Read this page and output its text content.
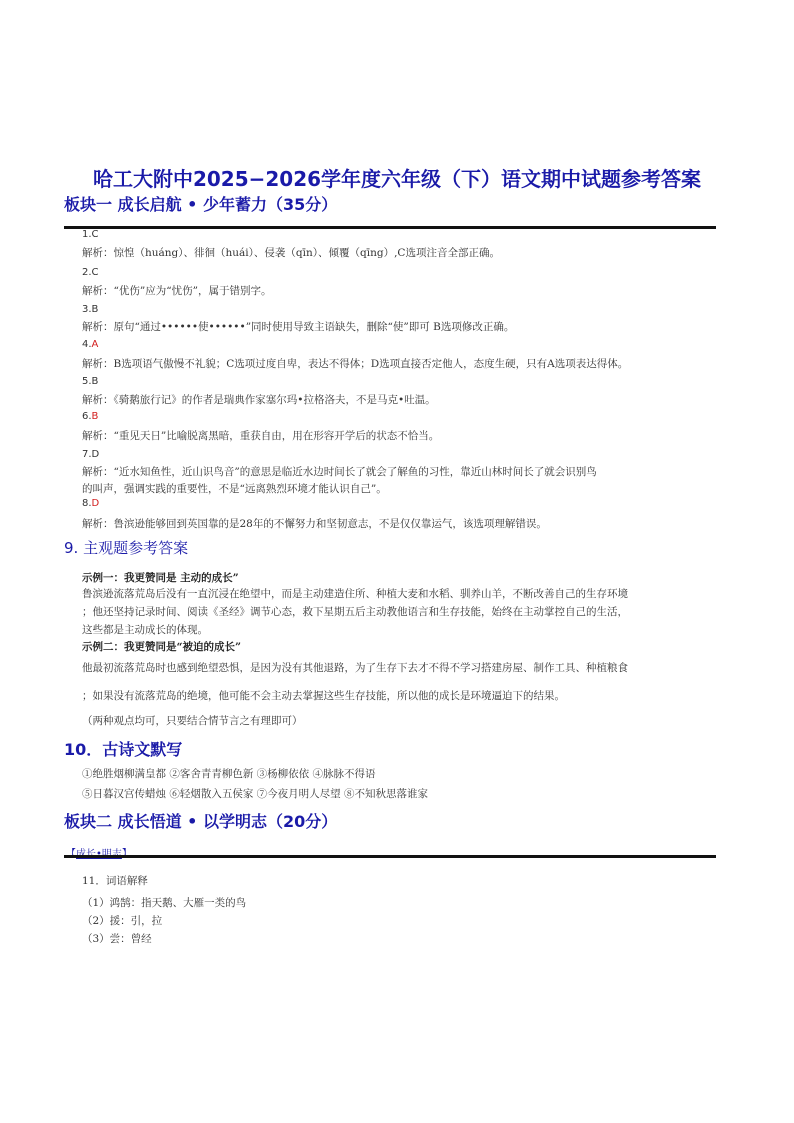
哈工大附中2025−2026学年度六年级（下）语文期中试题参考答案
板块一 成长启航 • 少年蓄力（35分）
1.C
解析：惊惶（huáng）、徘徊（huái）、侵袭（qīn）、倾覆（qīng）,C选项注音全部正确。
2.C
解析：“优伤”应为“忧伤”，属于错别字。
3.B
解析：原句“通过••••••使••••••”同时使用导致主语缺失，删除“使”即可 B选项修改正确。
4.A
解析：B选项语气傲慢不礼貌；C选项过度自卑，表达不得体；D选项直接否定他人，态度生硬，只有A选项表达得体。
5.B
解析：《骑鹅旅行记》的作者是瑞典作家塞尔玛•拉格洛夫，不是马克•吐温。
6.B
解析：“重见天日”比喻脱离黑暗，重获自由，用在形容开学后的状态不恰当。
7.D
解析：“近水知鱼性，近山识鸟音”的意思是临近水边时间长了就会了解鱼的习性，靠近山林时间长了就会识别鸟
的叫声，强调实践的重要性，不是“远离熟烈环境才能认识自己”。
8.D
解析：鲁滨逊能够回到英国靠的是28年的不懈努力和坚韧意志，不是仅仅靠运气，该选项理解错误。
9. 主观题参考答案
示例一：我更赞同是 主动的成长”
鲁滨逊流落荒岛后没有一直沉浸在绝望中，而是主动建造住所、种植大麦和水稻、驯养山羊，不断改善自己的生存环境
；他还坚持记录时间、阅读《圣经》调节心态，救下星期五后主动教他语言和生存技能，始终在主动掌控自己的生活，
这些都是主动成长的体现。
示例二：我更赞同是“被迫的成长”
他最初流落荒岛时也感到绝望恐惧，是因为没有其他退路，为了生存下去才不得不学习搭建房屋、制作工具、种植粮食
；如果没有流落荒岛的绝境，他可能不会主动去掌握这些生存技能，所以他的成长是环境逼迫下的结果。
（两种观点均可，只要结合情节言之有理即可）
10．古诗文默写
①绝胜烟柳满皇都 ②客舍青青柳色新 ③杨柳依依 ④脉脉不得语
⑤日暮汉宫传蜡烛 ⑥轻烟散入五侯家 ⑦今夜月明人尽望 ⑧不知秋思落谁家
板块二 成长悟道 • 以学明志（20分）
11．词语解释
（1）鸿鹄：指天鹅、大雁一类的鸟
（2）援：引，拉
（3）尝：曾经
